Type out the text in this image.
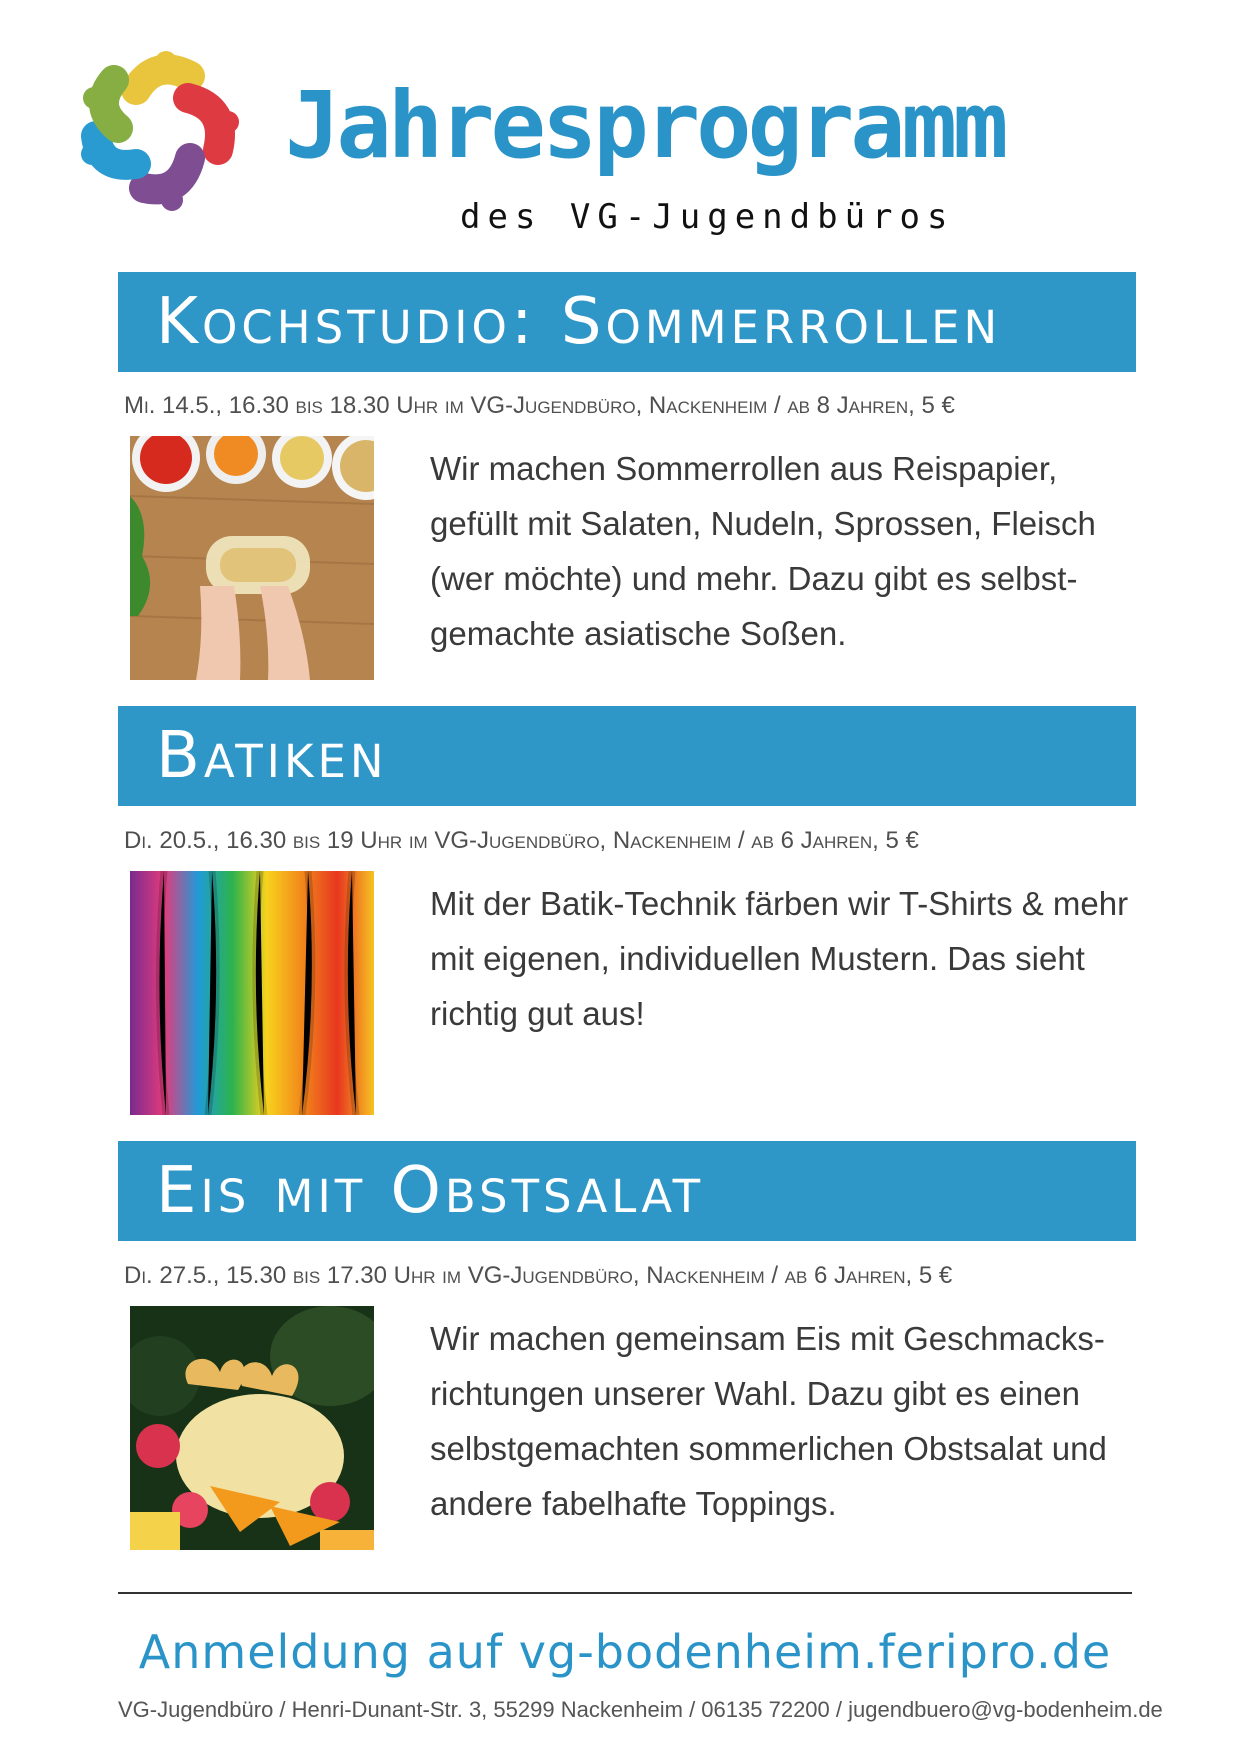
Jahresprogramm
des VG-Jugendbüros
Kochstudio: Sommerrollen
Mi. 14.5., 16.30 bis 18.30 Uhr im VG-Jugendbüro, Nackenheim / ab 8 Jahren, 5 €

Wir machen Sommerrollen aus Reispapier, gefüllt mit Salaten, Nudeln, Sprossen, Fleisch (wer möchte) und mehr. Dazu gibt es selbst-gemachte asiatische Soßen.

Batiken
Di. 20.5., 16.30 bis 19 Uhr im VG-Jugendbüro, Nackenheim / ab 6 Jahren, 5 €

Mit der Batik-Technik färben wir T-Shirts & mehr mit eigenen, individuellen Mustern. Das sieht richtig gut aus!

Eis mit Obstsalat
Di. 27.5., 15.30 bis 17.30 Uhr im VG-Jugendbüro, Nackenheim / ab 6 Jahren, 5 €

Wir machen gemeinsam Eis mit Geschmacks-richtungen unserer Wahl. Dazu gibt es einen selbstgemachten sommerlichen Obstsalat und andere fabelhafte Toppings.

Anmeldung auf vg-bodenheim.feripro.de
VG-Jugendbüro / Henri-Dunant-Str. 3, 55299 Nackenheim / 06135 72200 / jugendbuero@vg-bodenheim.de
